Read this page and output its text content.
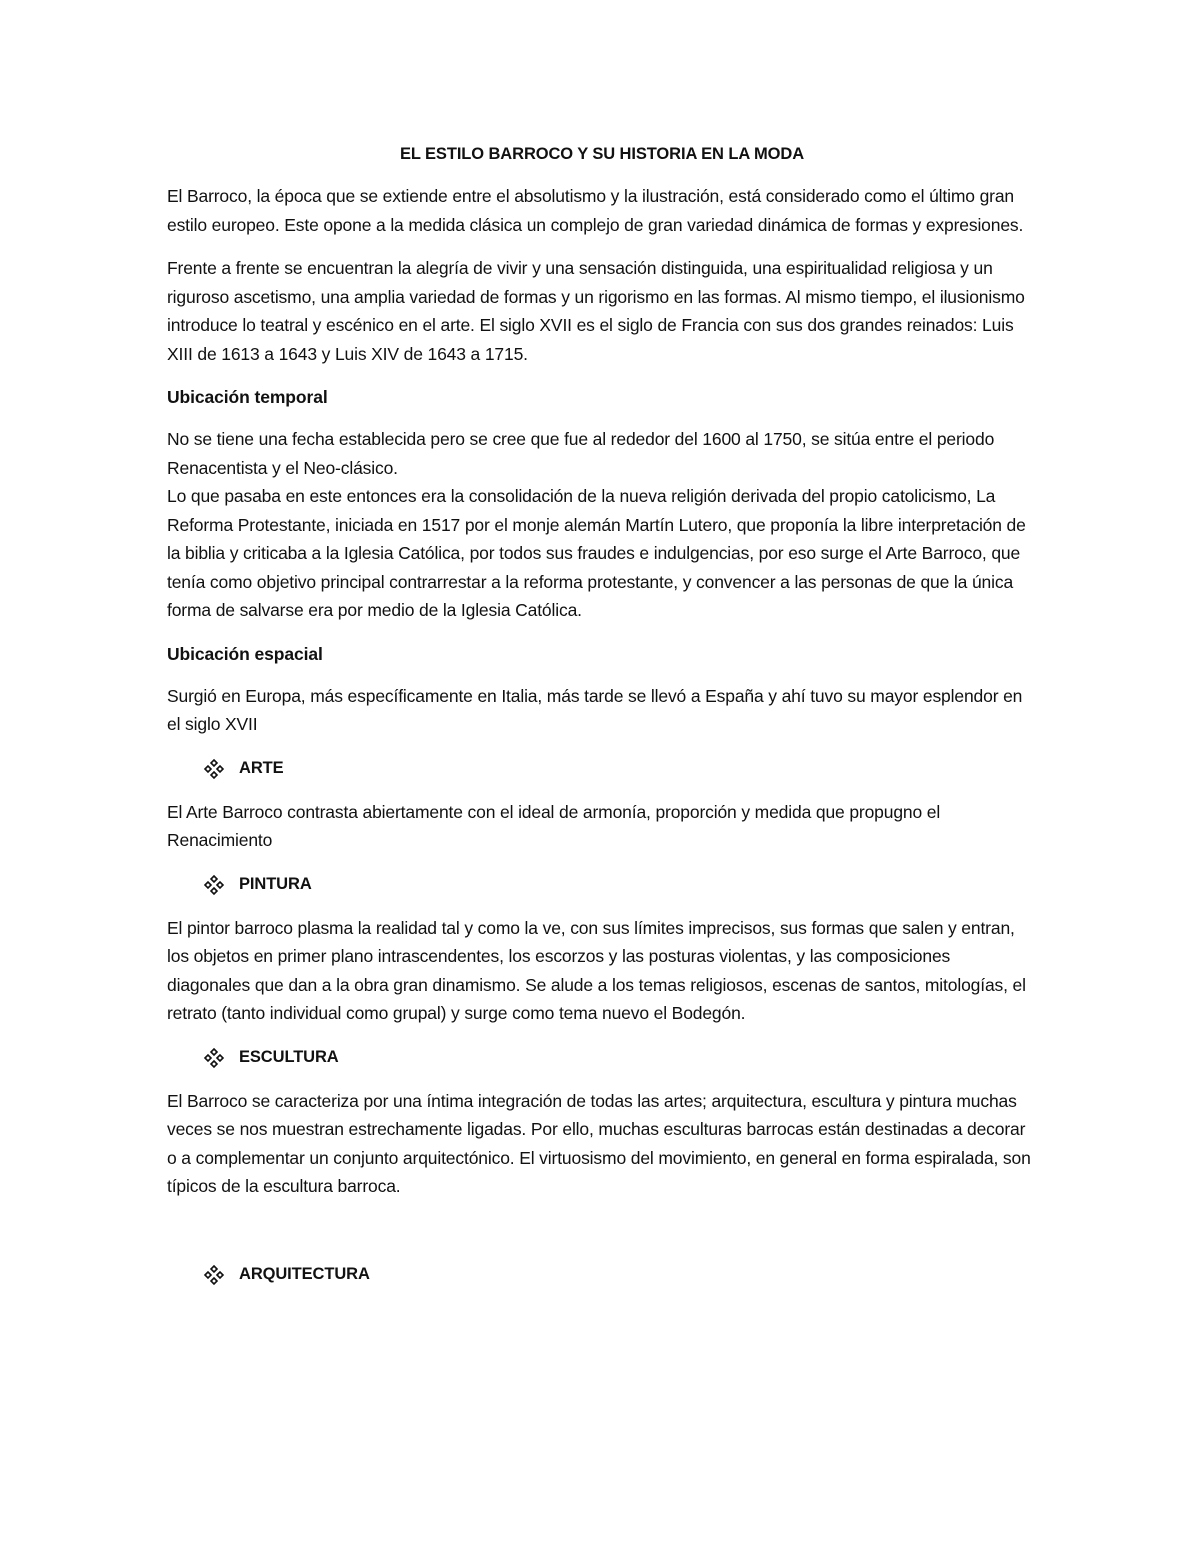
EL ESTILO BARROCO Y SU HISTORIA EN LA MODA

El Barroco, la época que se extiende entre el absolutismo y la ilustración, está considerado como el último gran estilo europeo. Este opone a la medida clásica un complejo de gran variedad dinámica de formas y expresiones.

Frente a frente se encuentran la alegría de vivir y una sensación distinguida, una espiritualidad religiosa y un riguroso ascetismo, una amplia variedad de formas y un rigorismo en las formas. Al mismo tiempo, el ilusionismo introduce lo teatral y escénico en el arte. El siglo XVII es el siglo de Francia con sus dos grandes reinados: Luis XIII de 1613 a 1643 y Luis XIV de 1643 a 1715.

Ubicación temporal

No se tiene una fecha establecida pero se cree que fue al rededor del 1600 al 1750, se sitúa entre el periodo Renacentista y el Neo-clásico.

Lo que pasaba en este entonces era la consolidación de la nueva religión derivada del propio catolicismo, La Reforma Protestante, iniciada en 1517 por el monje alemán Martín Lutero, que proponía la libre interpretación de la biblia y criticaba a la Iglesia Católica, por todos sus fraudes e indulgencias, por eso surge el Arte Barroco, que tenía como objetivo principal contrarrestar a la reforma protestante, y convencer a las personas de que la única forma de salvarse era por medio de la Iglesia Católica.

Ubicación espacial

Surgió en Europa, más específicamente en Italia, más tarde se llevó a España y ahí tuvo su mayor esplendor en el siglo XVII

ARTE

El Arte Barroco contrasta abiertamente con el ideal de armonía, proporción y medida que propugno el Renacimiento

PINTURA

El pintor barroco plasma la realidad tal y como la ve, con sus límites imprecisos, sus formas que salen y entran, los objetos en primer plano intrascendentes, los escorzos y las posturas violentas, y las composiciones diagonales que dan a la obra gran dinamismo. Se alude a los temas religiosos, escenas de santos, mitologías, el retrato (tanto individual como grupal) y surge como tema nuevo el Bodegón.

ESCULTURA

El Barroco se caracteriza por una íntima integración de todas las artes; arquitectura, escultura y pintura muchas veces se nos muestran estrechamente ligadas. Por ello, muchas esculturas barrocas están destinadas a decorar o a complementar un conjunto arquitectónico. El virtuosismo del movimiento, en general en forma espiralada, son típicos de la escultura barroca.

ARQUITECTURA
